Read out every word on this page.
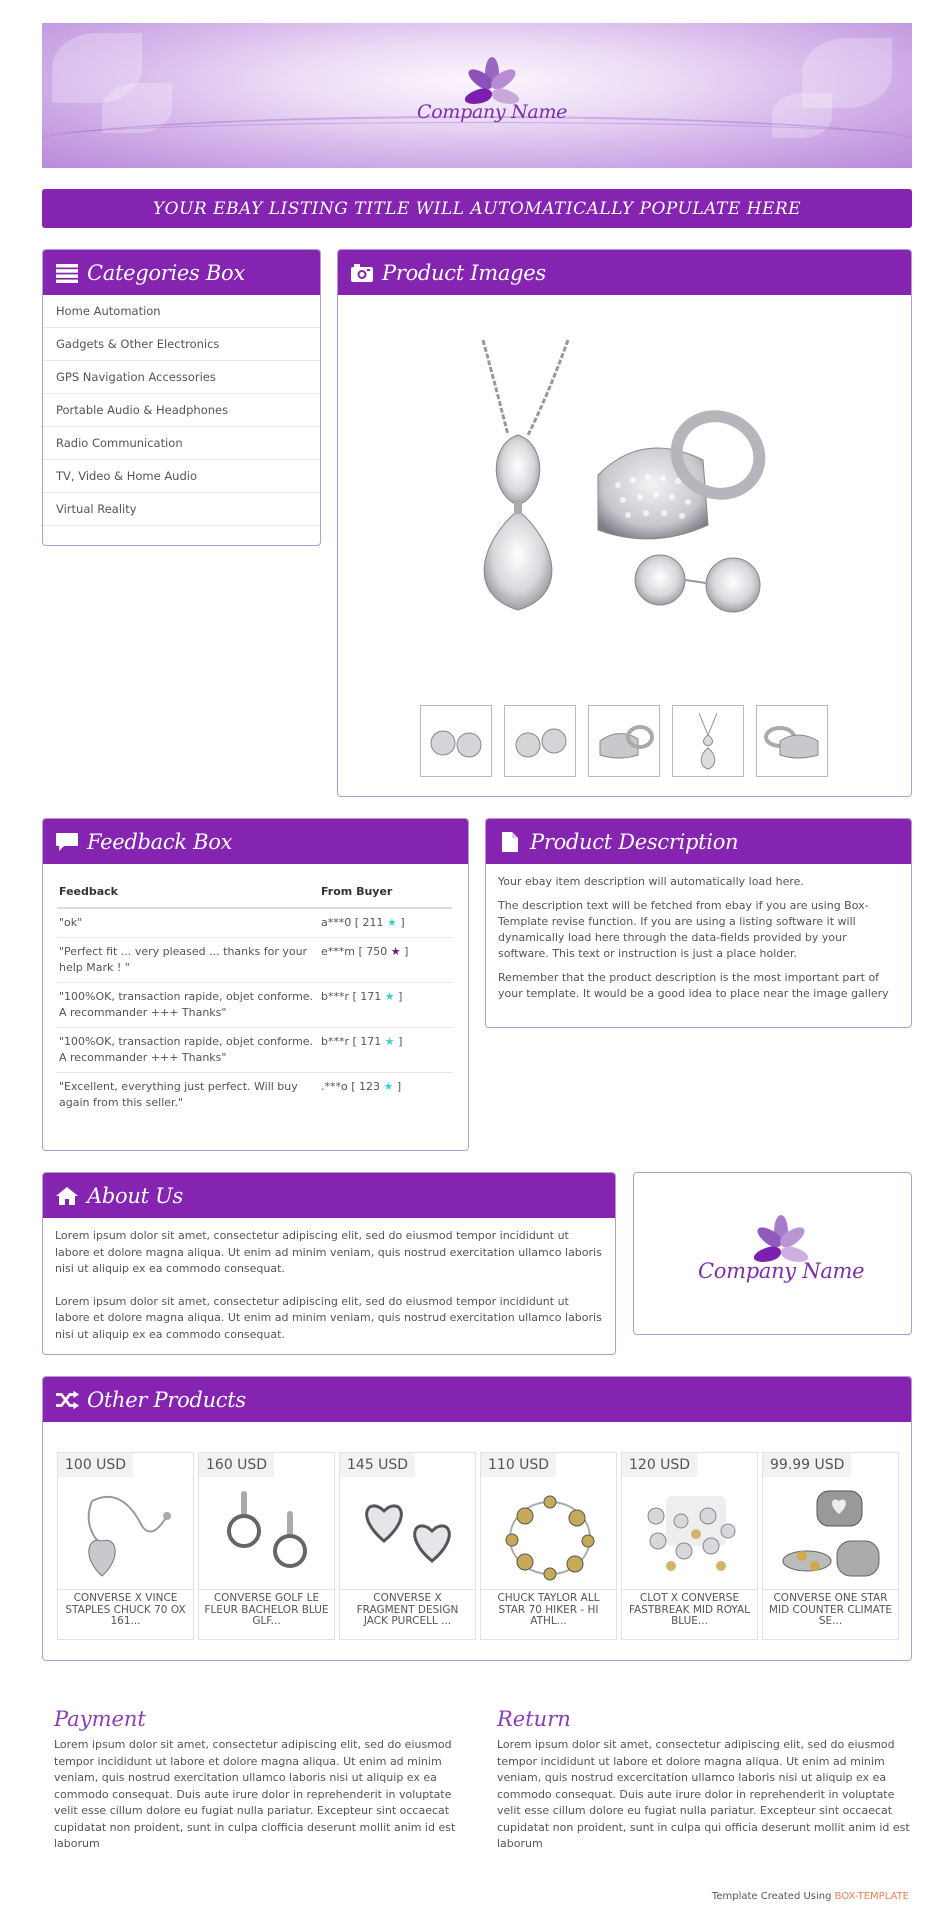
Company Name
YOUR EBAY LISTING TITLE WILL AUTOMATICALLY POPULATE HERE
Categories Box
Home Automation
Gadgets & Other Electronics
GPS Navigation Accessories
Portable Audio & Headphones
Radio Communication
TV, Video & Home Audio
Virtual Reality
Product Images
Feedback Box
Feedback	From Buyer
"ok"	a***0 [ 211 ★ ]
"Perfect fit ... very pleased ... thanks for your help Mark ! "	e***m [ 750 ★ ]
"100%OK, transaction rapide, objet conforme. A recommander +++ Thanks"	b***r [ 171 ★ ]
"100%OK, transaction rapide, objet conforme. A recommander +++ Thanks"	b***r [ 171 ★ ]
"Excellent, everything just perfect. Will buy again from this seller."	.***o [ 123 ★ ]
Product Description

Your ebay item description will automatically load here.

The description text will be fetched from ebay if you are using Box-Template revise function. If you are using a listing software it will dynamically load here through the data-fields provided by your software. This text or instruction is just a place holder.

Remember that the product description is the most important part of your template. It would be a good idea to place near the image gallery

About Us

Lorem ipsum dolor sit amet, consectetur adipiscing elit, sed do eiusmod tempor incididunt ut labore et dolore magna aliqua. Ut enim ad minim veniam, quis nostrud exercitation ullamco laboris nisi ut aliquip ex ea commodo consequat.

Lorem ipsum dolor sit amet, consectetur adipiscing elit, sed do eiusmod tempor incididunt ut labore et dolore magna aliqua. Ut enim ad minim veniam, quis nostrud exercitation ullamco laboris nisi ut aliquip ex ea commodo consequat.

Company Name
Other Products
100 USD
CONVERSE X VINCE STAPLES CHUCK 70 OX 161...
160 USD
CONVERSE GOLF LE FLEUR BACHELOR BLUE GLF...
145 USD
CONVERSE X FRAGMENT DESIGN JACK PURCELL ...
110 USD
CHUCK TAYLOR ALL STAR 70 HIKER - HI ATHL...
120 USD
CLOT X CONVERSE FASTBREAK MID ROYAL BLUE...
99.99 USD
CONVERSE ONE STAR MID COUNTER CLIMATE SE...
Payment

Lorem ipsum dolor sit amet, consectetur adipiscing elit, sed do eiusmod tempor incididunt ut labore et dolore magna aliqua. Ut enim ad minim veniam, quis nostrud exercitation ullamco laboris nisi ut aliquip ex ea commodo consequat. Duis aute irure dolor in reprehenderit in voluptate velit esse cillum dolore eu fugiat nulla pariatur. Excepteur sint occaecat cupidatat non proident, sunt in culpa clofficia deserunt mollit anim id est laborum

Return

Lorem ipsum dolor sit amet, consectetur adipiscing elit, sed do eiusmod tempor incididunt ut labore et dolore magna aliqua. Ut enim ad minim veniam, quis nostrud excercitation ullamco laboris nisi ut aliquip ex ea commodo consequat. Duis aute irure dolor in reprehenderit in voluptate velit esse cillum dolore eu fugiat nulla pariatur. Excepteur sint occaecat cupidatat non proident, sunt in culpa qui officia deserunt mollit anim id est laborum

Template Created Using BOX-TEMPLATE
